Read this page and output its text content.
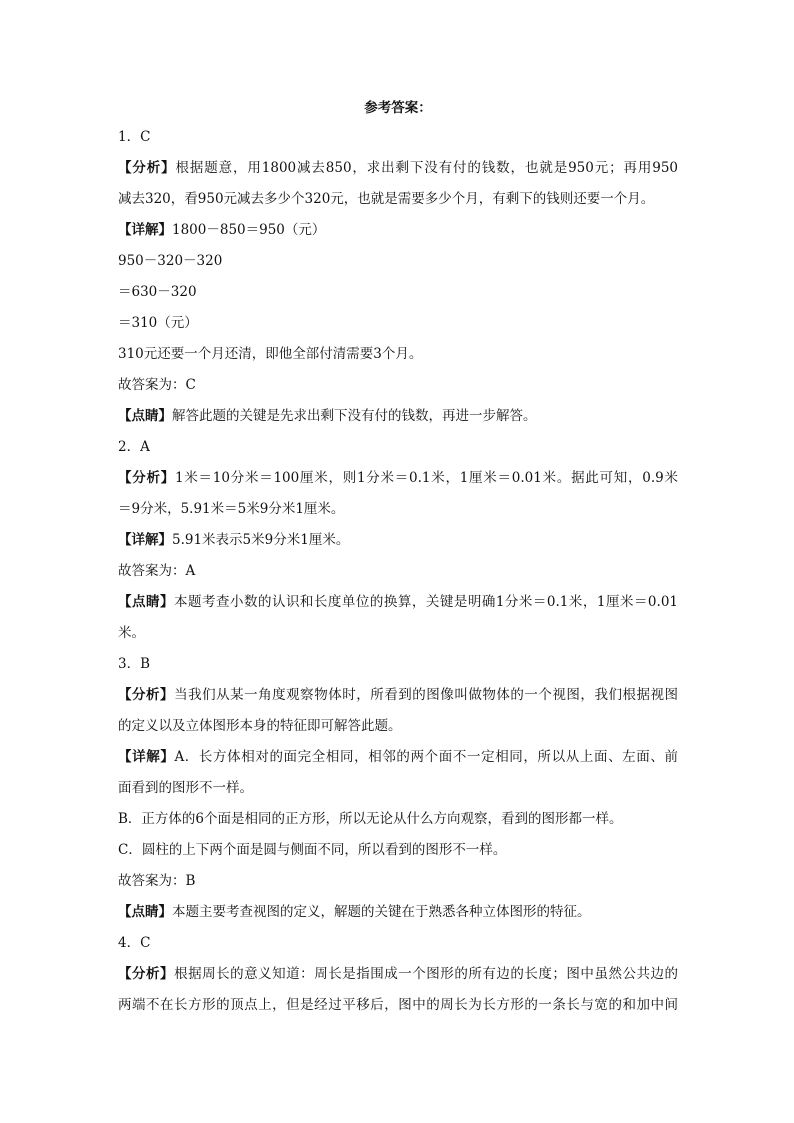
参考答案：

1．C

【分析】根据题意，用1800减去850，求出剩下没有付的钱数，也就是950元；再用950

减去320，看950元减去多少个320元，也就是需要多少个月，有剩下的钱则还要一个月。

【详解】1800－850＝950（元）

950－320－320

＝630－320

＝310（元）

310元还要一个月还清，即他全部付清需要3个月。

故答案为：C

【点睛】解答此题的关键是先求出剩下没有付的钱数，再进一步解答。

2．A

【分析】1米＝10分米＝100厘米，则1分米＝0.1米，1厘米＝0.01米。据此可知，0.9米

＝9分米，5.91米＝5米9分米1厘米。

【详解】5.91米表示5米9分米1厘米。

故答案为：A

【点睛】本题考查小数的认识和长度单位的换算，关键是明确1分米＝0.1米，1厘米＝0.01

米。

3．B

【分析】当我们从某一角度观察物体时，所看到的图像叫做物体的一个视图，我们根据视图

的定义以及立体图形本身的特征即可解答此题。

【详解】A．长方体相对的面完全相同，相邻的两个面不一定相同，所以从上面、左面、前

面看到的图形不一样。

B．正方体的6个面是相同的正方形，所以无论从什么方向观察，看到的图形都一样。

C．圆柱的上下两个面是圆与侧面不同，所以看到的图形不一样。

故答案为：B

【点睛】本题主要考查视图的定义，解题的关键在于熟悉各种立体图形的特征。

4．C

【分析】根据周长的意义知道：周长是指围成一个图形的所有边的长度；图中虽然公共边的

两端不在长方形的顶点上，但是经过平移后，图中的周长为长方形的一条长与宽的和加中间
